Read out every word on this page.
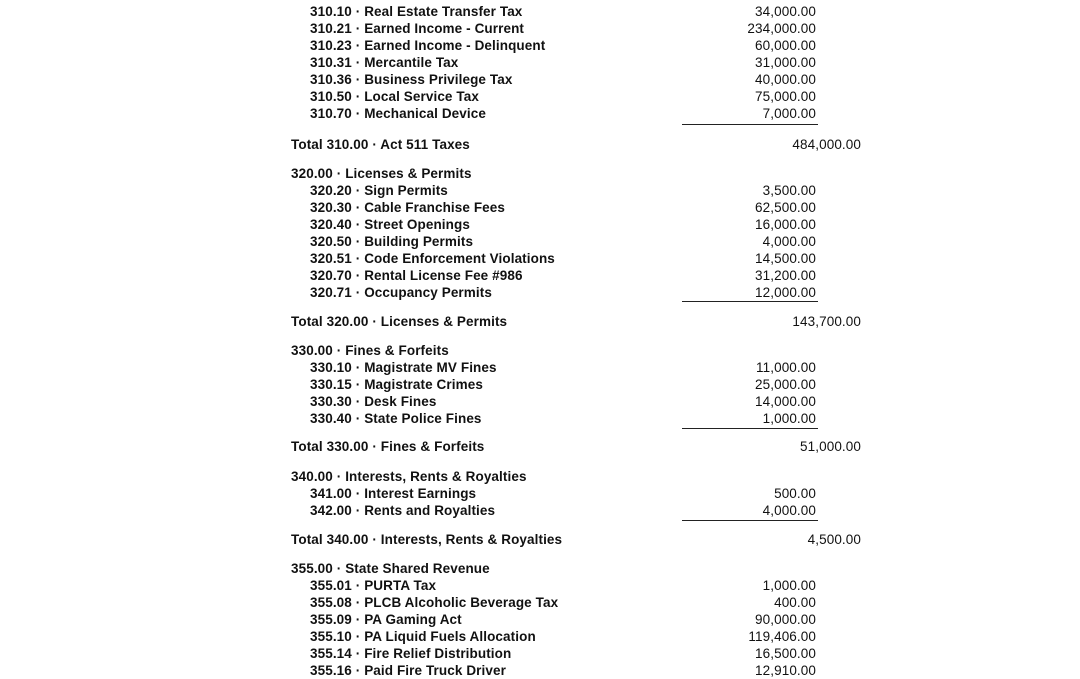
310.10 · Real Estate Transfer Tax	34,000.00
310.21 · Earned Income - Current	234,000.00
310.23 · Earned Income - Delinquent	60,000.00
310.31 · Mercantile Tax	31,000.00
310.36 · Business Privilege Tax	40,000.00
310.50 · Local Service Tax	75,000.00
310.70 · Mechanical Device	7,000.00
Total 310.00 · Act 511 Taxes	484,000.00
320.00 · Licenses & Permits
320.20 · Sign Permits	3,500.00
320.30 · Cable Franchise Fees	62,500.00
320.40 · Street Openings	16,000.00
320.50 · Building Permits	4,000.00
320.51 · Code Enforcement Violations	14,500.00
320.70 · Rental License Fee #986	31,200.00
320.71 · Occupancy Permits	12,000.00
Total 320.00 · Licenses & Permits	143,700.00
330.00 · Fines & Forfeits
330.10 · Magistrate MV Fines	11,000.00
330.15 · Magistrate Crimes	25,000.00
330.30 · Desk Fines	14,000.00
330.40 · State Police Fines	1,000.00
Total 330.00 · Fines & Forfeits	51,000.00
340.00 · Interests, Rents & Royalties
341.00 · Interest Earnings	500.00
342.00 · Rents and Royalties	4,000.00
Total 340.00 · Interests, Rents & Royalties	4,500.00
355.00 · State Shared Revenue
355.01 · PURTA Tax	1,000.00
355.08 · PLCB Alcoholic Beverage Tax	400.00
355.09 · PA Gaming Act	90,000.00
355.10 · PA Liquid Fuels Allocation	119,406.00
355.14 · Fire Relief Distribution	16,500.00
355.16 · Paid Fire Truck Driver	12,910.00
